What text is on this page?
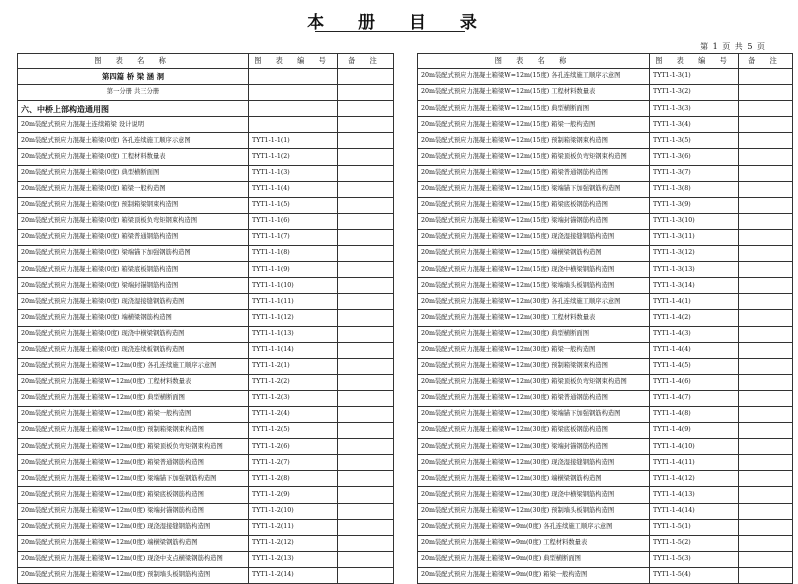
本 册 目 录
第 1 页 共 5 页
图 表 名 称	图 表 编 号	备 注
第四篇 桥 梁 涵 洞		
第一分册 共三分册		
六、中桥上部构造通用图		
20m装配式预应力混凝土连续箱梁 设计说明		
20m装配式预应力混凝土箱梁(0度) 各孔连续施工顺序示意图	TYT1-1-1(1)	
20m装配式预应力混凝土箱梁(0度) 工程材料数量表	TYT1-1-1(2)	
20m装配式预应力混凝土箱梁(0度) 典型横断面图	TYT1-1-1(3)	
20m装配式预应力混凝土箱梁(0度) 箱梁一般构造图	TYT1-1-1(4)	
20m装配式预应力混凝土箱梁(0度) 预制箱梁钢束构造图	TYT1-1-1(5)	
20m装配式预应力混凝土箱梁(0度) 箱梁顶板负弯矩钢束构造图	TYT1-1-1(6)	
20m装配式预应力混凝土箱梁(0度) 箱梁普通钢筋构造图	TYT1-1-1(7)	
20m装配式预应力混凝土箱梁(0度) 梁端锚下加强钢筋构造图	TYT1-1-1(8)	
20m装配式预应力混凝土箱梁(0度) 箱梁底板钢筋构造图	TYT1-1-1(9)	
20m装配式预应力混凝土箱梁(0度) 梁端封锚钢筋构造图	TYT1-1-1(10)	
20m装配式预应力混凝土箱梁(0度) 现浇湿接缝钢筋构造图	TYT1-1-1(11)	
20m装配式预应力混凝土箱梁(0度) 端横梁钢筋构造图	TYT1-1-1(12)	
20m装配式预应力混凝土箱梁(0度) 现浇中横梁钢筋构造图	TYT1-1-1(13)	
20m装配式预应力混凝土箱梁(0度) 现浇连续板钢筋构造图	TYT1-1-1(14)	
20m装配式预应力混凝土箱梁W=12m(0度) 各孔连续施工顺序示意图	TYT1-1-2(1)	
20m装配式预应力混凝土箱梁W=12m(0度) 工程材料数量表	TYT1-1-2(2)	
20m装配式预应力混凝土箱梁W=12m(0度) 典型横断面图	TYT1-1-2(3)	
20m装配式预应力混凝土箱梁W=12m(0度) 箱梁一般构造图	TYT1-1-2(4)	
20m装配式预应力混凝土箱梁W=12m(0度) 预制箱梁钢束构造图	TYT1-1-2(5)	
20m装配式预应力混凝土箱梁W=12m(0度) 箱梁顶板负弯矩钢束构造图	TYT1-1-2(6)	
20m装配式预应力混凝土箱梁W=12m(0度) 箱梁普通钢筋构造图	TYT1-1-2(7)	
20m装配式预应力混凝土箱梁W=12m(0度) 梁端锚下加强钢筋构造图	TYT1-1-2(8)	
20m装配式预应力混凝土箱梁W=12m(0度) 箱梁底板钢筋构造图	TYT1-1-2(9)	
20m装配式预应力混凝土箱梁W=12m(0度) 梁端封锚钢筋构造图	TYT1-1-2(10)	
20m装配式预应力混凝土箱梁W=12m(0度) 现浇湿接缝钢筋构造图	TYT1-1-2(11)	
20m装配式预应力混凝土箱梁W=12m(0度) 端横梁钢筋构造图	TYT1-1-2(12)	
20m装配式预应力混凝土箱梁W=12m(0度) 现浇中支点横梁钢筋构造图	TYT1-1-2(13)	
20m装配式预应力混凝土箱梁W=12m(0度) 预制墙头板钢筋构造图	TYT1-1-2(14)	
图 表 名 称	图 表 编 号	备 注
20m装配式预应力混凝土箱梁W=12m(15度) 各孔连续施工顺序示意图	TYT1-1-3(1)	
20m装配式预应力混凝土箱梁W=12m(15度) 工程材料数量表	TYT1-1-3(2)	
20m装配式预应力混凝土箱梁W=12m(15度) 典型横断面图	TYT1-1-3(3)	
20m装配式预应力混凝土箱梁W=12m(15度) 箱梁一般构造图	TYT1-1-3(4)	
20m装配式预应力混凝土箱梁W=12m(15度) 预制箱梁钢束构造图	TYT1-1-3(5)	
20m装配式预应力混凝土箱梁W=12m(15度) 箱梁顶板负弯矩钢束构造图	TYT1-1-3(6)	
20m装配式预应力混凝土箱梁W=12m(15度) 箱梁普通钢筋构造图	TYT1-1-3(7)	
20m装配式预应力混凝土箱梁W=12m(15度) 梁端锚下加强钢筋构造图	TYT1-1-3(8)	
20m装配式预应力混凝土箱梁W=12m(15度) 箱梁底板钢筋构造图	TYT1-1-3(9)	
20m装配式预应力混凝土箱梁W=12m(15度) 梁端封锚钢筋构造图	TYT1-1-3(10)	
20m装配式预应力混凝土箱梁W=12m(15度) 现浇湿接缝钢筋构造图	TYT1-1-3(11)	
20m装配式预应力混凝土箱梁W=12m(15度) 端横梁钢筋构造图	TYT1-1-3(12)	
20m装配式预应力混凝土箱梁W=12m(15度) 现浇中横梁钢筋构造图	TYT1-1-3(13)	
20m装配式预应力混凝土箱梁W=12m(15度) 梁端墙头板钢筋构造图	TYT1-1-3(14)	
20m装配式预应力混凝土箱梁W=12m(30度) 各孔连续施工顺序示意图	TYT1-1-4(1)	
20m装配式预应力混凝土箱梁W=12m(30度) 工程材料数量表	TYT1-1-4(2)	
20m装配式预应力混凝土箱梁W=12m(30度) 典型横断面图	TYT1-1-4(3)	
20m装配式预应力混凝土箱梁W=12m(30度) 箱梁一般构造图	TYT1-1-4(4)	
20m装配式预应力混凝土箱梁W=12m(30度) 预制箱梁钢束构造图	TYT1-1-4(5)	
20m装配式预应力混凝土箱梁W=12m(30度) 箱梁顶板负弯矩钢束构造图	TYT1-1-4(6)	
20m装配式预应力混凝土箱梁W=12m(30度) 箱梁普通钢筋构造图	TYT1-1-4(7)	
20m装配式预应力混凝土箱梁W=12m(30度) 梁端锚下加强钢筋构造图	TYT1-1-4(8)	
20m装配式预应力混凝土箱梁W=12m(30度) 箱梁底板钢筋构造图	TYT1-1-4(9)	
20m装配式预应力混凝土箱梁W=12m(30度) 梁端封锚钢筋构造图	TYT1-1-4(10)	
20m装配式预应力混凝土箱梁W=12m(30度) 现浇湿接缝钢筋构造图	TYT1-1-4(11)	
20m装配式预应力混凝土箱梁W=12m(30度) 端横梁钢筋构造图	TYT1-1-4(12)	
20m装配式预应力混凝土箱梁W=12m(30度) 现浇中横梁钢筋构造图	TYT1-1-4(13)	
20m装配式预应力混凝土箱梁W=12m(30度) 预制墙头板钢筋构造图	TYT1-1-4(14)	
20m装配式预应力混凝土箱梁W=9m(0度) 各孔连续施工顺序示意图	TYT1-1-5(1)	
20m装配式预应力混凝土箱梁W=9m(0度) 工程材料数量表	TYT1-1-5(2)	
20m装配式预应力混凝土箱梁W=9m(0度) 典型横断面图	TYT1-1-5(3)	
20m装配式预应力混凝土箱梁W=9m(0度) 箱梁一般构造图	TYT1-1-5(4)	
